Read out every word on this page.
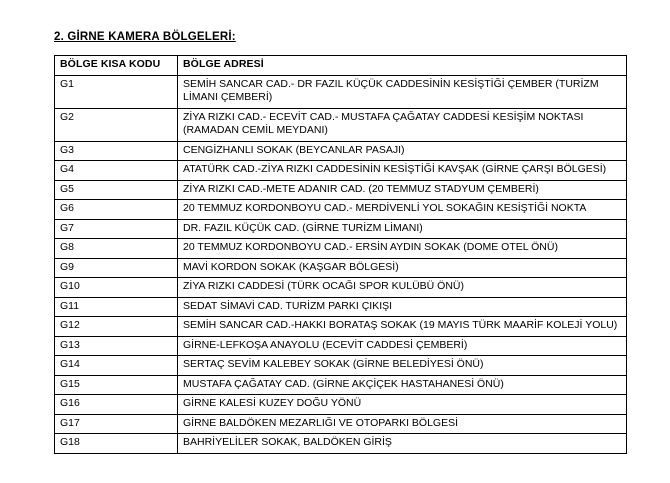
2. GİRNE KAMERA BÖLGELERİ:
BÖLGE KISA KODU	BÖLGE ADRESİ
G1	SEMİH SANCAR CAD.- DR FAZIL KÜÇÜK CADDESİNİN KESİŞTİĞİ ÇEMBER (TURİZM LİMANI ÇEMBERİ)
G2	ZİYA RIZKI CAD.- ECEVİT CAD.- MUSTAFA ÇAĞATAY CADDESİ KESİŞİM NOKTASI (RAMADAN CEMİL MEYDANI)
G3	CENGİZHANLI SOKAK (BEYCANLAR PASAJI)
G4	ATATÜRK CAD.-ZİYA RIZKI CADDESİNİN KESİŞTİĞİ KAVŞAK (GİRNE ÇARŞI BÖLGESİ)
G5	ZİYA RIZKI CAD.-METE ADANIR CAD. (20 TEMMUZ STADYUM ÇEMBERİ)
G6	20 TEMMUZ KORDONBOYU CAD.- MERDİVENLİ YOL SOKAĞIN KESİŞTİĞİ NOKTA
G7	DR. FAZIL KÜÇÜK CAD. (GİRNE TURİZM LİMANI)
G8	20 TEMMUZ KORDONBOYU CAD.- ERSİN AYDIN SOKAK (DOME OTEL ÖNÜ)
G9	MAVİ KORDON SOKAK (KAŞGAR BÖLGESİ)
G10	ZİYA RIZKI CADDESİ (TÜRK OCAĞI SPOR KULÜBÜ ÖNÜ)
G11	SEDAT SİMAVİ CAD. TURİZM PARKI ÇIKIŞI
G12	SEMİH SANCAR CAD.-HAKKI BORATAŞ SOKAK (19 MAYIS TÜRK MAARİF KOLEJİ YOLU)
G13	GİRNE-LEFKOŞA ANAYOLU (ECEVİT CADDESİ ÇEMBERİ)
G14	SERTAÇ SEVİM KALEBEY SOKAK (GİRNE BELEDİYESİ ÖNÜ)
G15	MUSTAFA ÇAĞATAY CAD. (GİRNE AKÇİÇEK HASTAHANESİ ÖNÜ)
G16	GİRNE KALESİ KUZEY DOĞU YÖNÜ
G17	GİRNE BALDÖKEN MEZARLIĞI VE OTOPARKI BÖLGESİ
G18	BAHRİYELİLER SOKAK, BALDÖKEN GİRİŞ
